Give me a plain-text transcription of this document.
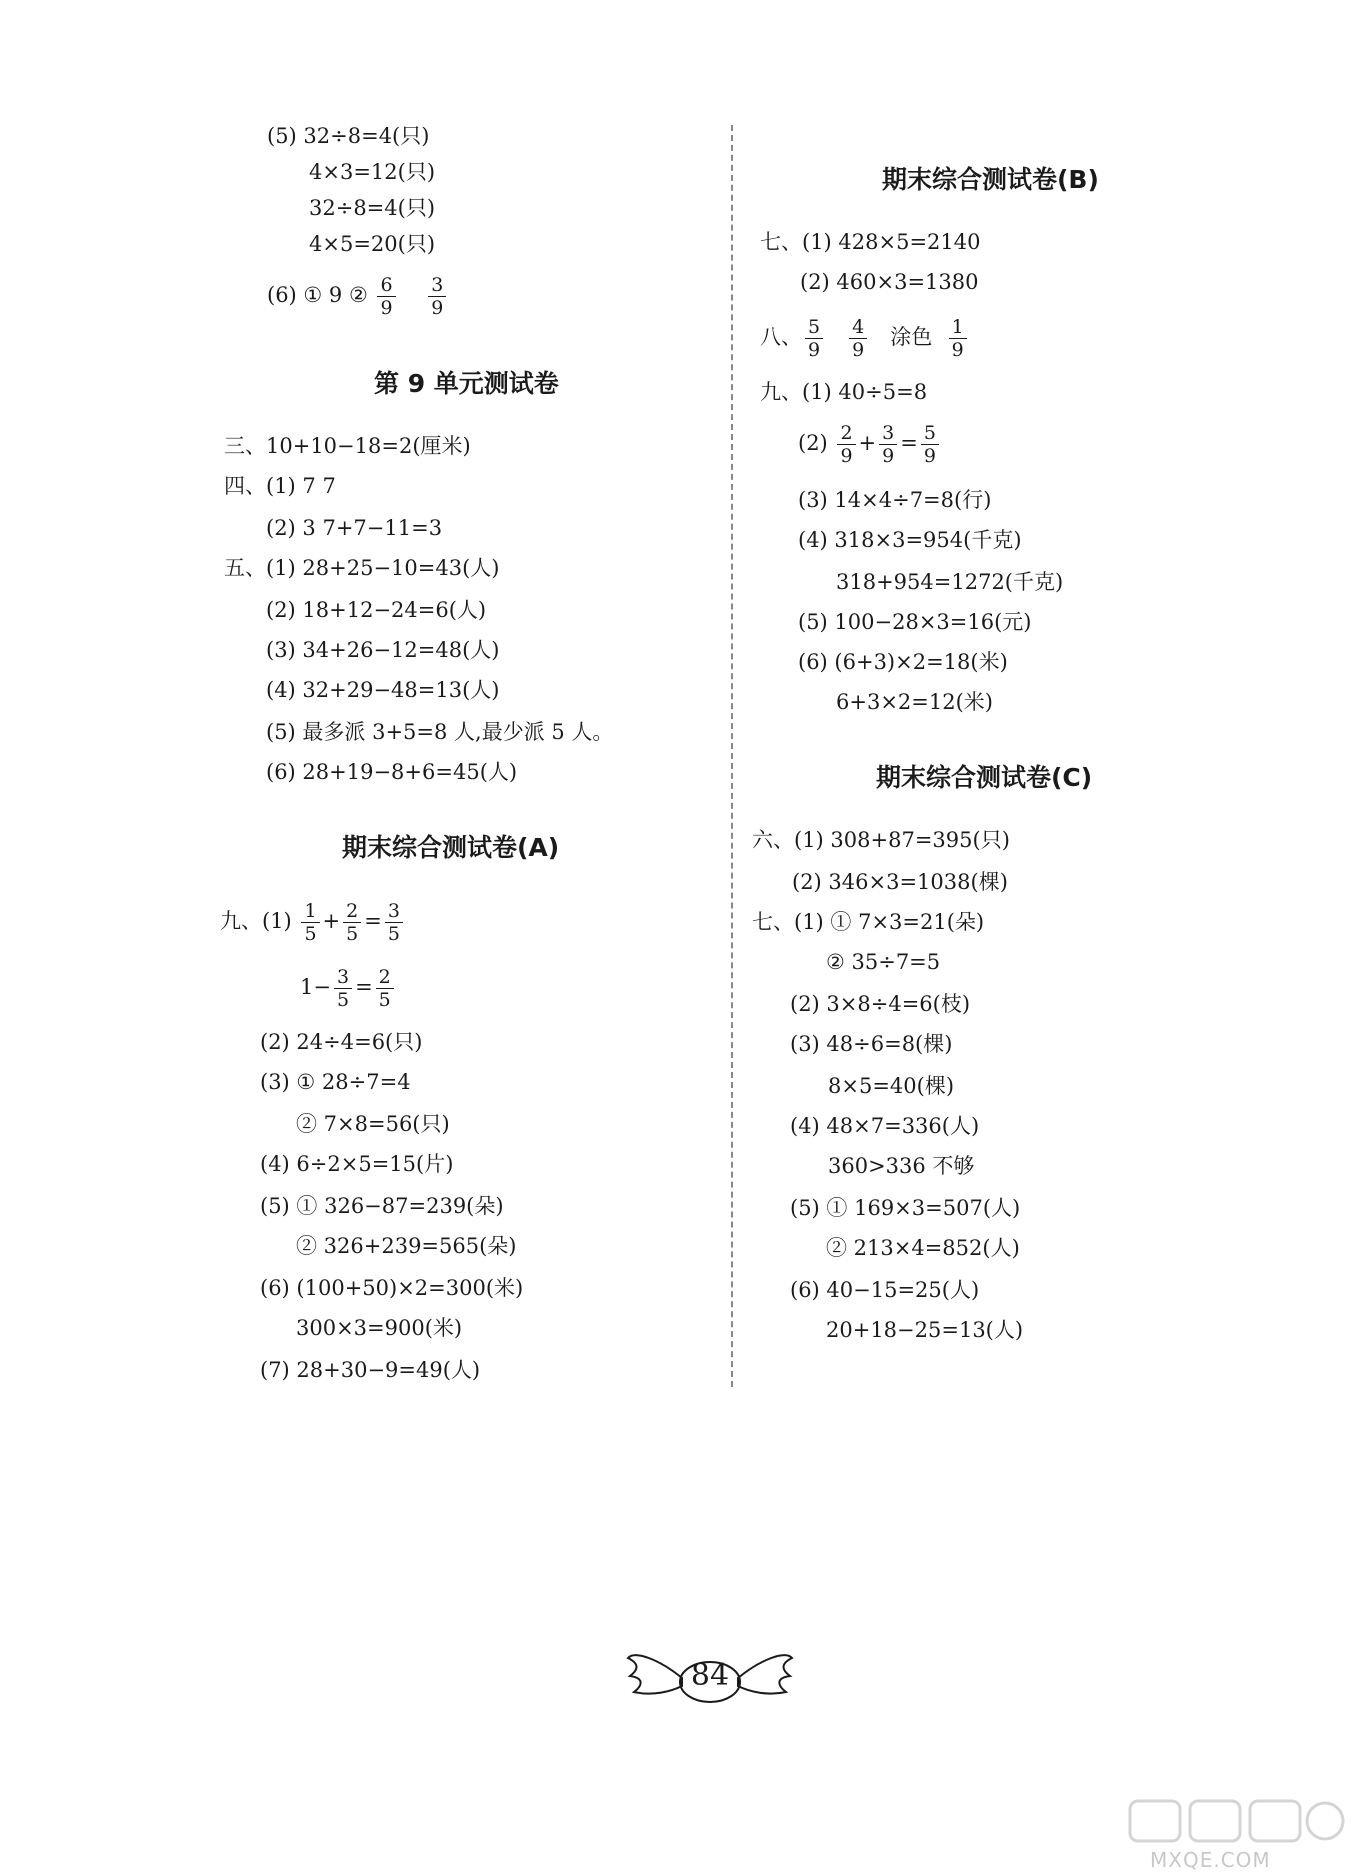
(5) 32÷8=4(只)
4×3=12(只)
32÷8=4(只)
4×5=20(只)
(6) ① 9 ② $\frac{6}{9}$
$\frac{3}{9}$
第 9 单元测试卷
三、10+10−18=2(厘米)
四、(1) 7 7
(2) 3 7+7−11=3
五、(1) 28+25−10=43(人)
(2) 18+12−24=6(人)
(3) 34+26−12=48(人)
(4) 32+29−48=13(人)
(5) 最多派 3+5=8 人,最少派 5 人。
(6) 28+19−8+6=45(人)
期末综合测试卷(A)
九、$(1) \frac{1}{5} + \frac{2}{5} = \frac{3}{5}$
$1- \frac{3}{5} = \frac{2}{5}$
(2) 24÷4=6(只)
(3) ① 28÷7=4
② 7×8=56(只)
(4) 6÷2×5=15(片)
(5) ① 326−87=239(朵)
② 326+239=565(朵)
(6) (100+50)×2=300(米)
300×3=900(米)
(7) 28+30−9=49(人)
期末综合测试卷(B)
七、(1) 428×5=2140
(2) 460×3=1380
八、 $\frac{5}{9}$
$\frac{4}{9}$ 涂色 $\frac{1}{9}$
九、(1) 40÷5=8
$(2) \frac{2}{9} + \frac{3}{9} = \frac{5}{9}$
(3) 14×4÷7=8(行)
(4) 318×3=954(千克)
318+954=1272(千克)
(5) 100−28×3=16(元)
(6) (6+3)×2=18(米)
6+3×2=12(米)
期末综合测试卷(C)
六、(1) 308+87=395(只)
(2) 346×3=1038(棵)
七、(1) ① 7×3=21(朵)
② 35÷7=5
(2) 3×8÷4=6(枝)
(3) 48÷6=8(棵)
8×5=40(棵)
(4) 48×7=336(人)
360>336 不够
(5) ① 169×3=507(人)
② 213×4=852(人)
(6) 40−15=25(人)
20+18−25=13(人)
84
MXQE.COM
